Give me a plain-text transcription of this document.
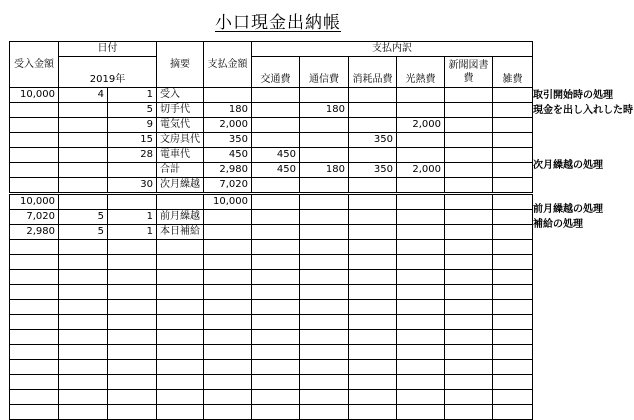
小口現金出納帳
受入金額	日付		摘要	支払金額	支払内訳					
	2019年				交通費	通信費	消耗品費	光熱費	新聞図書費	雑費

10,000	4	1	受入							
		5	切手代	180		180				
		9	電気代	2,000				2,000		
		15	文房具代	350			350			
		28	電車代	450	450					
			合計	2,980	450	180	350	2,000		
		30	次月繰越	7,020						
10,000				10,000						
7,020	5	1	前月繰越							
2,980	5	1	本日補給							

取引開始時の処理
現金を出し入れした時
次月繰越の処理
前月繰越の処理
補給の処理
